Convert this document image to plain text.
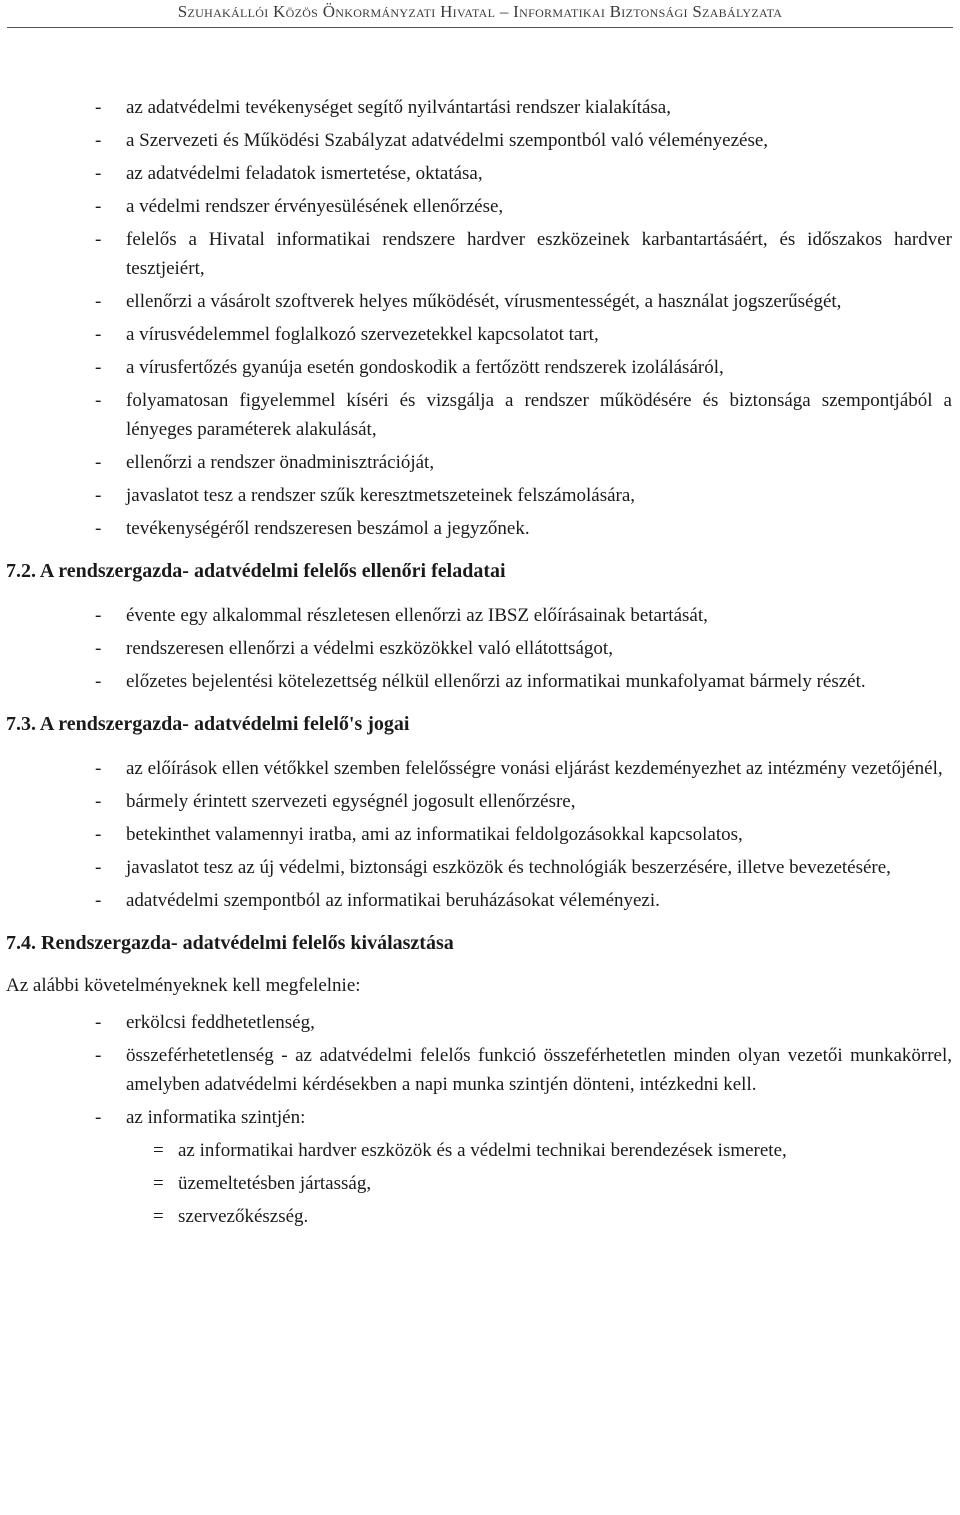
Szuhakállói Közös Önkormányzati Hivatal – Informatikai Biztonsági Szabályzata
- az adatvédelmi tevékenységet segítő nyilvántartási rendszer kialakítása,
- a Szervezeti és Működési Szabályzat adatvédelmi szempontból való véleményezése,
- az adatvédelmi feladatok ismertetése, oktatása,
- a védelmi rendszer érvényesülésének ellenőrzése,
- felelős a Hivatal informatikai rendszere hardver eszközeinek karbantartásáért, és időszakos hardver tesztjeiért,
- ellenőrzi a vásárolt szoftverek helyes működését, vírusmentességét, a használat jogszerűségét,
- a vírusvédelemmel foglalkozó szervezetekkel kapcsolatot tart,
- a vírusfertőzés gyanúja esetén gondoskodik a fertőzött rendszerek izolálásáról,
- folyamatosan figyelemmel kíséri és vizsgálja a rendszer működésére és biztonsága szempontjából a lényeges paraméterek alakulását,
- ellenőrzi a rendszer önadminisztrációját,
- javaslatot tesz a rendszer szűk keresztmetszeteinek felszámolására,
- tevékenységéről rendszeresen beszámol a jegyzőnek.
7.2. A rendszergazda- adatvédelmi felelős ellenőri feladatai
- évente egy alkalommal részletesen ellenőrzi az IBSZ előírásainak betartását,
- rendszeresen ellenőrzi a védelmi eszközökkel való ellátottságot,
- előzetes bejelentési kötelezettség nélkül ellenőrzi az informatikai munkafolyamat bármely részét.
7.3. A rendszergazda- adatvédelmi felelő's jogai
- az előírások ellen vétőkkel szemben felelősségre vonási eljárást kezdeményezhet az intézmény vezetőjénél,
- bármely érintett szervezeti egységnél jogosult ellenőrzésre,
- betekinthet valamennyi iratba, ami az informatikai feldolgozásokkal kapcsolatos,
- javaslatot tesz az új védelmi, biztonsági eszközök és technológiák beszerzésére, illetve bevezetésére,
- adatvédelmi szempontból az informatikai beruházásokat véleményezi.
7.4. Rendszergazda- adatvédelmi felelős kiválasztása

Az alábbi követelményeknek kell megfelelnie:

- erkölcsi feddhetetlenség,
- összeférhetetlenség - az adatvédelmi felelős funkció összeférhetetlen minden olyan vezetői munkakörrel, amelyben adatvédelmi kérdésekben a napi munka szintjén dönteni, intézkedni kell.
- az informatika szintjén:
= az informatikai hardver eszközök és a védelmi technikai berendezések ismerete,
= üzemeltetésben jártasság,
= szervezőkészség.
